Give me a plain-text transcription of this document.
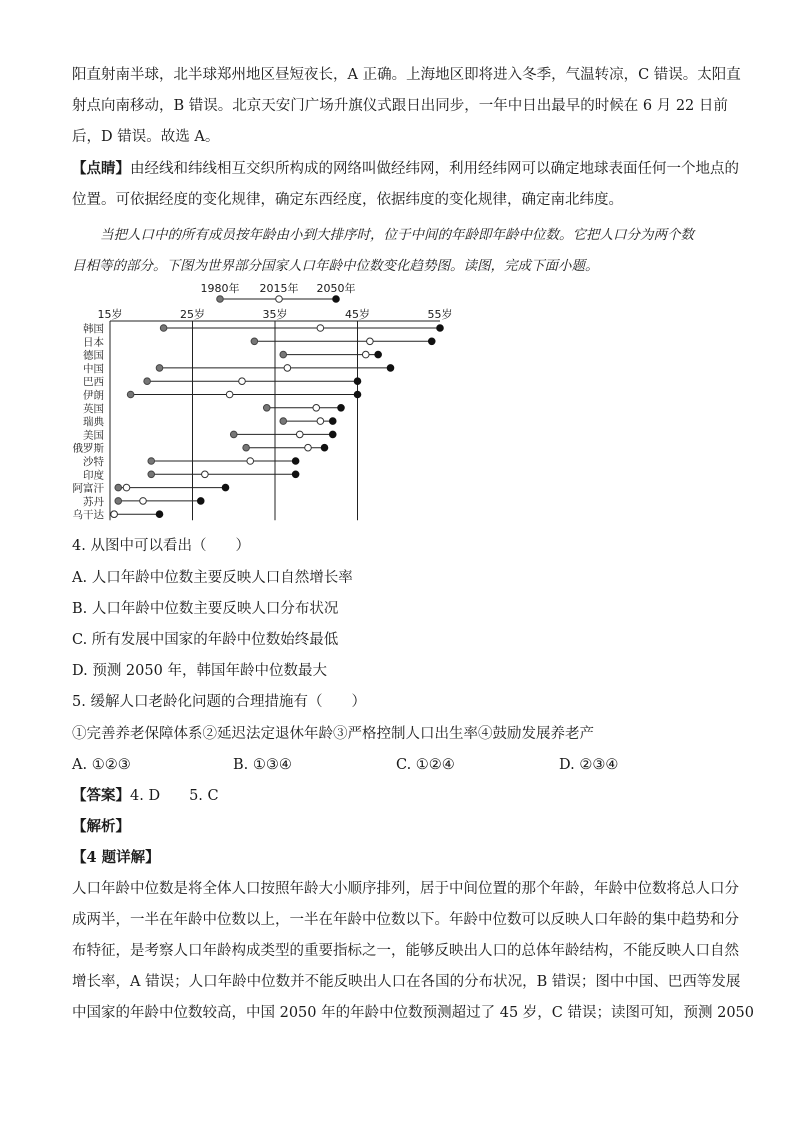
阳直射南半球，北半球郑州地区昼短夜长，A 正确。上海地区即将进入冬季，气温转凉，C 错误。太阳直
射点向南移动，B 错误。北京天安门广场升旗仪式跟日出同步，一年中日出最早的时候在 6 月 22 日前
后，D 错误。故选 A。
【点睛】由经线和纬线相互交织所构成的网络叫做经纬网，利用经纬网可以确定地球表面任何一个地点的
位置。可依据经度的变化规律，确定东西经度，依据纬度的变化规律，确定南北纬度。
当把人口中的所有成员按年龄由小到大排序时，位于中间的年龄即年龄中位数。它把人口分为两个数
目相等的部分。下图为世界部分国家人口年龄中位数变化趋势图。读图，完成下面小题。
1980年 2015年 2050年
15岁	25岁	35岁	45岁	55岁
韩国
日本
德国
中国
巴西
伊朗
英国
瑞典
美国
俄罗斯
沙特
印度
阿富汗
苏丹
乌干达
4. 从图中可以看出（　　）
A. 人口年龄中位数主要反映人口自然增长率
B. 人口年龄中位数主要反映人口分布状况
C. 所有发展中国家的年龄中位数始终最低
D. 预测 2050 年，韩国年龄中位数最大
5. 缓解人口老龄化问题的合理措施有（　　）
①完善养老保障体系②延迟法定退休年龄③严格控制人口出生率④鼓励发展养老产
A. ①②③	B. ①③④	C. ①②④	D. ②③④
【答案】4. D　　5. C
【解析】
【4 题详解】
人口年龄中位数是将全体人口按照年龄大小顺序排列，居于中间位置的那个年龄，年龄中位数将总人口分
成两半，一半在年龄中位数以上，一半在年龄中位数以下。年龄中位数可以反映人口年龄的集中趋势和分
布特征，是考察人口年龄构成类型的重要指标之一，能够反映出人口的总体年龄结构，不能反映人口自然
增长率，A 错误；人口年龄中位数并不能反映出人口在各国的分布状况，B 错误；图中中国、巴西等发展
中国家的年龄中位数较高，中国 2050 年的年龄中位数预测超过了 45 岁，C 错误；读图可知，预测 2050
